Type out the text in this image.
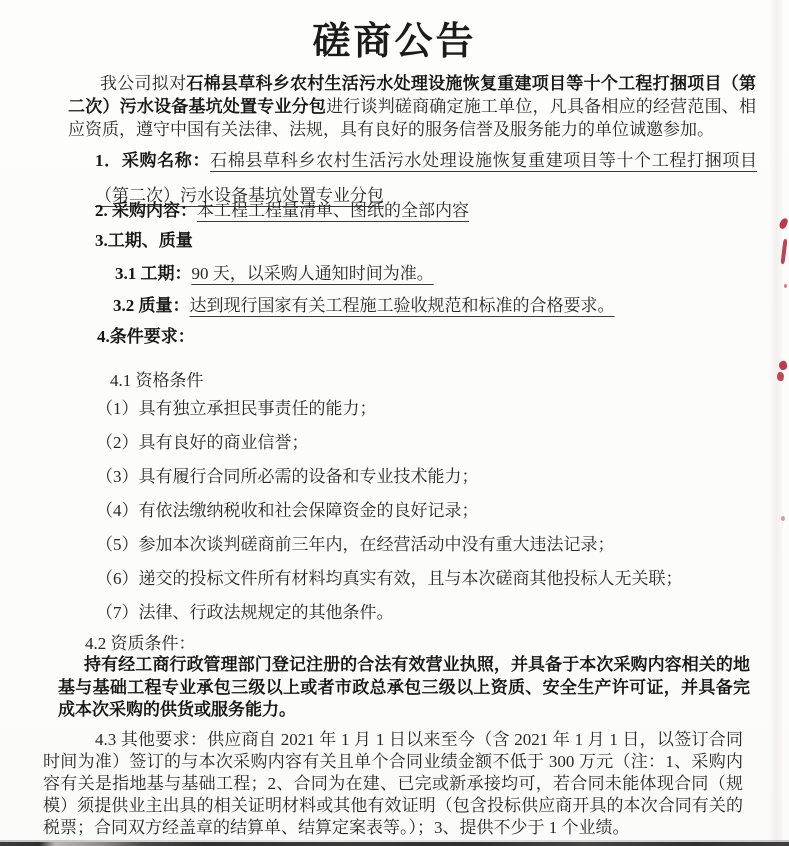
磋商公告
我公司拟对石棉县草科乡农村生活污水处理设施恢复重建项目等十个工程打捆项目（第二次）污水设备基坑处置专业分包进行谈判磋商确定施工单位，凡具备相应的经营范围、相应资质，遵守中国有关法律、法规，具有良好的服务信誉及服务能力的单位诚邀参加。
1．采购名称：石棉县草科乡农村生活污水处理设施恢复重建项目等十个工程打捆项目（第二次）污水设备基坑处置专业分包
2. 采购内容：本工程工程量清单、图纸的全部内容
3.工期、质量
3.1 工期：90 天，以采购人通知时间为准。
3.2 质量：达到现行国家有关工程施工验收规范和标准的合格要求。
4.条件要求：
4.1 资格条件
（1）具有独立承担民事责任的能力；
（2）具有良好的商业信誉；
（3）具有履行合同所必需的设备和专业技术能力；
（4）有依法缴纳税收和社会保障资金的良好记录；
（5）参加本次谈判磋商前三年内，在经营活动中没有重大违法记录；
（6）递交的投标文件所有材料均真实有效，且与本次磋商其他投标人无关联；
（7）法律、行政法规规定的其他条件。
4.2 资质条件：
持有经工商行政管理部门登记注册的合法有效营业执照，并具备于本次采购内容相关的地基与基础工程专业承包三级以上或者市政总承包三级以上资质、安全生产许可证，并具备完成本次采购的供货或服务能力。
4.3 其他要求：供应商自 2021 年 1 月 1 日以来至今（含 2021 年 1 月 1 日，以签订合同时间为准）签订的与本次采购内容有关且单个合同业绩金额不低于 300 万元（注：1、采购内容有关是指地基与基础工程；2、合同为在建、已完或新承接均可，若合同未能体现合同（规模）须提供业主出具的相关证明材料或其他有效证明（包含投标供应商开具的本次合同有关的税票；合同双方经盖章的结算单、结算定案表等。）；3、提供不少于 1 个业绩。
